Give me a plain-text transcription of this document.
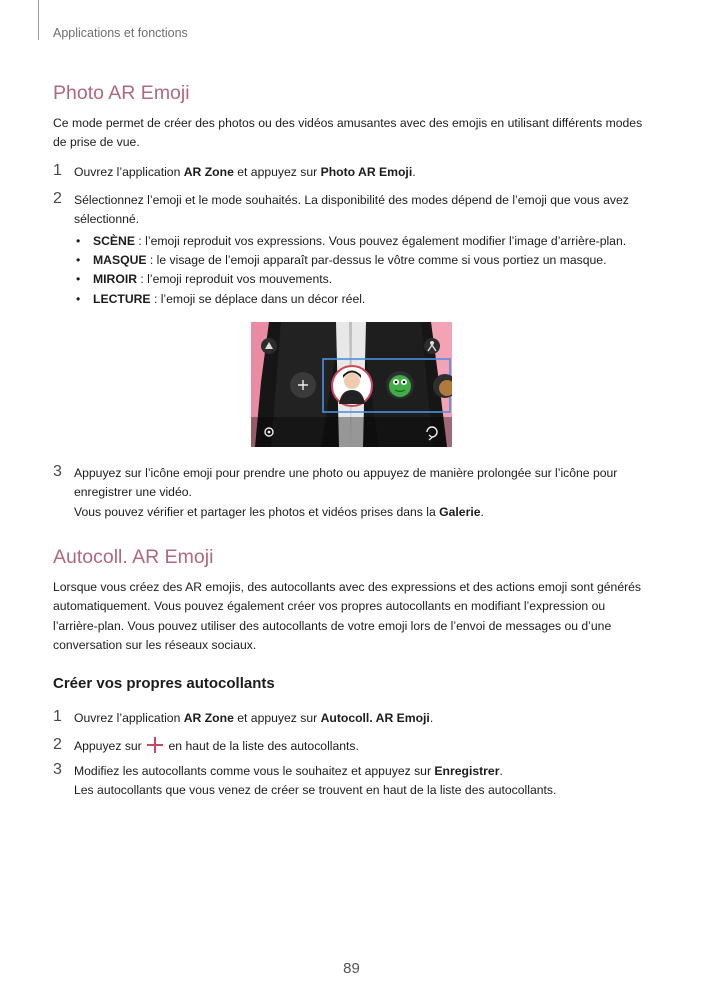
Applications et fonctions
Photo AR Emoji

Ce mode permet de créer des photos ou des vidéos amusantes avec des emojis en utilisant différents modes de prise de vue.

1 Ouvrez l’application AR Zone et appuyez sur Photo AR Emoji.
2 Sélectionnez l’emoji et le mode souhaités. La disponibilité des modes dépend de l’emoji que vous avez sélectionné.
• SCÈNE : l’emoji reproduit vos expressions. Vous pouvez également modifier l’image d’arrière-plan.
• MASQUE : le visage de l’emoji apparaît par-dessus le vôtre comme si vous portiez un masque.
• MIROIR : l’emoji reproduit vos mouvements.
• LECTURE : l’emoji se déplace dans un décor réel.
3 Appuyez sur l’icône emoji pour prendre une photo ou appuyez de manière prolongée sur l’icône pour enregistrer une vidéo.
Vous pouvez vérifier et partager les photos et vidéos prises dans la Galerie.
Autocoll. AR Emoji

Lorsque vous créez des AR emojis, des autocollants avec des expressions et des actions emoji sont générés automatiquement. Vous pouvez également créer vos propres autocollants en modifiant l’expression ou l’arrière-plan. Vous pouvez utiliser des autocollants de votre emoji lors de l’envoi de messages ou d’une conversation sur les réseaux sociaux.

Créer vos propres autocollants
1 Ouvrez l’application AR Zone et appuyez sur Autocoll. AR Emoji.
2 Appuyez sur  en haut de la liste des autocollants.
3 Modifiez les autocollants comme vous le souhaitez et appuyez sur Enregistrer.
Les autocollants que vous venez de créer se trouvent en haut de la liste des autocollants.
89
